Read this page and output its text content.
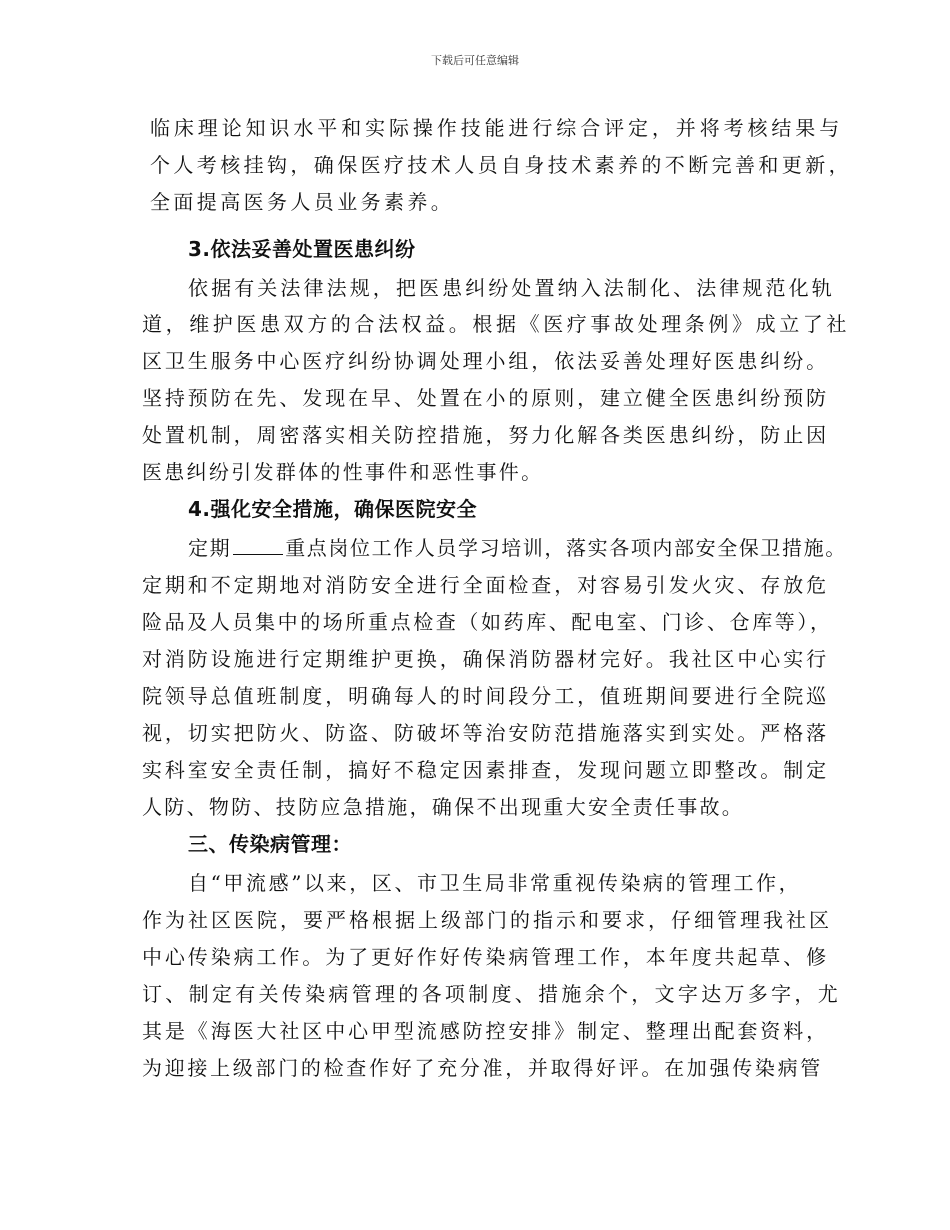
下载后可任意编辑
临床理论知识水平和实际操作技能进行综合评定，并将考核结果与
个人考核挂钩，确保医疗技术人员自身技术素养的不断完善和更新，
全面提高医务人员业务素养。
3.依法妥善处置医患纠纷
依据有关法律法规，把医患纠纷处置纳入法制化、法律规范化轨
道，维护医患双方的合法权益。根据《医疗事故处理条例》成立了社
区卫生服务中心医疗纠纷协调处理小组，依法妥善处理好医患纠纷。
坚持预防在先、发现在早、处置在小的原则，建立健全医患纠纷预防
处置机制，周密落实相关防控措施，努力化解各类医患纠纷，防止因
医患纠纷引发群体的性事件和恶性事件。
4.强化安全措施，确保医院安全
定期	重点岗位工作人员学习培训，落实各项内部安全保卫措施。
定期和不定期地对消防安全进行全面检查，对容易引发火灾、存放危
险品及人员集中的场所重点检查（如药库、配电室、门诊、仓库等），
对消防设施进行定期维护更换，确保消防器材完好。我社区中心实行
院领导总值班制度，明确每人的时间段分工，值班期间要进行全院巡
视，切实把防火、防盗、防破坏等治安防范措施落实到实处。严格落
实科室安全责任制，搞好不稳定因素排查，发现问题立即整改。制定
人防、物防、技防应急措施，确保不出现重大安全责任事故。
三、传染病管理：
自“甲流感”以来，区、市卫生局非常重视传染病的管理工作，
作为社区医院，要严格根据上级部门的指示和要求，仔细管理我社区
中心传染病工作。为了更好作好传染病管理工作，本年度共起草、修
订、制定有关传染病管理的各项制度、措施余个，文字达万多字，尤
其是《海医大社区中心甲型流感防控安排》制定、整理出配套资料，
为迎接上级部门的检查作好了充分准，并取得好评。在加强传染病管
